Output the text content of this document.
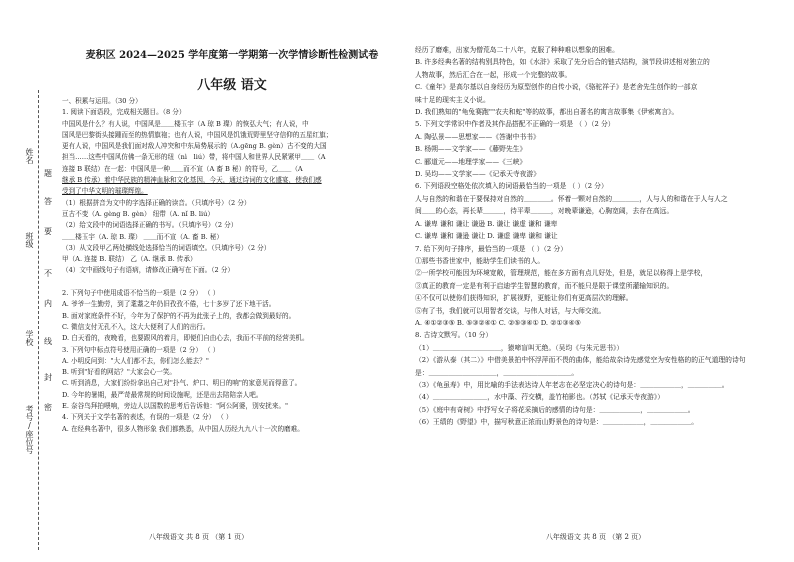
姓名
班级
学校
考号/座位号
题
答
要
不
内
线
封
密
麦积区 2024—2025 学年度第一学期第一次学情诊断性检测试卷
八年级 语文
一、积累与运用。（30 分）
1. 阅读下面语段，完成相关题目。（8 分）
中国风是什么？有人说，中国风是＿＿楼玉宇（A 琼 B 璨）的恢弘大气；有人说，中
国风是巴黎街头接踵而至的热情旗袍；也有人说，中国风是饥饿荒野里坚守信仰的五星红旗；
更有人说，中国风是我们面对敌人冲突和中东局势展示的（A.gēng B. gèn）古不变的大国
担当……这些中国风仿佛一条无形的纽（nì　liú）带，将中国人和世界人民紧紧甲＿＿（A
连接 B 联结）在一起：中国风是一种＿＿而不宣（A 畜 B 秘）的符号，乙＿＿（A
继承 B 传承）着中华民族的精神血脉和文化基因，今天，通过诗词的文化盛宴，使我们感
受到了中华文明的璀璨辉煌。
（1）根据拼音为文中的字选择正确的读音。（只填序号）（2 分）
亘古不变（A. gèng B. gèn） 纽带（A. nǐ B. liú）
（2）给文段中的词语选择正确的书写。（只填序号）（2 分）
＿＿楼玉宇（A. 琼 B. 璨） ＿＿而不宣（A. 畜 B. 秘）
（3）从文段甲乙两处横线处选择恰当的词语填空。（只填序号）（2 分）
甲（A. 连接 B. 联结） 乙（A. 继承 B. 传承）
（4）文中画线句子有语病，请修改正确写在下面。（2 分）

2. 下列句子中使用成语不恰当的一项是（2 分） （ ）
A. 爷爷一生勤劳，到了耄耋之年仍旧孜孜不倦，七十多岁了还下地干活。
B. 面对家庭条件不好，今年为了保护的不再为此张子上的，我都会做到最好的。
C. 微信支付无孔不入，这大大便利了人们的出行。
D. 白天看的，夜晚看，也要跟风的着月，即便们自由心去，我而不平前的经营美机。
3. 下列句中标点符号使用正确的一项是（2 分） （ ）
A. 小明反问到："大人们都不去，你们怎么能去？"
B. 听到"好看的网站？"大家会心一笑。
C. 听到消息，大家们纷纷拿出自己对"扑气、炉口、明日的响"的家意见而得意了。
D. 今年的暑期，最严苛最常规的时间设施呢，还是出去陪陪亲人吧。
E. 奈谷鸟拜拍喂响，旁边人以国数的思考后告诉他："阿公阿婆，别安扰来。"
4. 下列关于文学名著的表述，有误的一项是（2 分） （ ）
A. 在经典名著中，很多人物形象 我们都熟悉，从中国人历经九九八十一次的磨难。
八年级语文 共 8 页 （第 1 页）
经历了磨难，出家为僧荒岛二十八年，克服了种种难以想象的困难。
B. 许多经典名著的结构别具特色，如《水浒》采取了先分后合的链式结构，演节段讲述相对独立的
人物故事，然后汇合在一起，形成一个完整的故事。
C.《童年》是高尔基以自身经历为原型创作的自传小说，《骆驼祥子》是老舍先生创作的一部京
味十足的现实主义小说。
D. 我们熟知的"龟兔赛跑""农夫和蛇"等的故事，都出自著名的寓言故事集《伊索寓言》。
5. 下列文学常识中作者及其作品搭配不正确的一项是 （ ）（2 分）
A. 陶弘景——思想家——《答谢中书书》
B. 杨朔——文学家——《藤野先生》
C. 郦道元——地理学家——《三峡》
D. 吴均——文学家——《记承天寺夜游》
6. 下列语段空格处依次填入的词语最恰当的一项是 （ ）（2 分）
人与自然的和谐在于要保持对自然的＿＿＿＿。怀着一颗对自然的＿＿＿＿，人与人的和谐在于人与人之
间＿＿的心态，再长辈＿＿＿，待平辈＿＿＿，对晚辈谦逊，心胸宽阔，去存在高远。
A. 谦卑 谦和 谦让 谦逊 B. 谦让 谦虚 谦和 谦卑
C. 谦卑 谦和 谦逊 谦让 D. 谦虚 谦卑 谦和 谦让
7. 给下列句子排序，最恰当的一项是 （ ）（2 分）
①那些书香世家中，能助学生们读书的人。
②一所学校可能因为环境宽敞，管理规范，能在多方面有点儿好处，但是，就足以称得上是学校，
③真正的教育一定是有利于启迪学生智慧的教育，而不能只是限于课堂所灌输知识的。
④不仅可以使你们获得知识，扩展视野，更能让你们有更高层次的理解。
⑤有了书，我们就可以用智者交谈，与伟人对话，与大师交流。
A. ④①②③⑤ B. ⑤③②④① C. ②⑤③④① D. ②①③④⑤
8. 古诗文默写。（10 分）
（1）＿＿＿＿＿＿＿＿＿＿，猿啼盲叫无绝。（吴均《与朱元思书》）
（2）《游从泰（其二）》中借美景拍中怀浮萍而不畏的曲体，能给故杂诗先感觉空为安性格的的正气道理的诗句
是：＿＿＿＿＿＿＿＿＿＿，＿＿＿＿＿＿＿＿＿＿。
（3）《龟虽寿》中，用比喻的手法表达诗人年老志在必坚定决心的诗句是：＿＿＿＿＿＿，＿＿＿＿＿。
（4）＿＿＿＿＿＿＿＿，水中藻、荇交横，盖竹柏影也。（苏轼《记承天寺夜游》）
（5）《庭中有奇树》中抒写女子将花采摘后的感情的诗句是：＿＿＿＿＿＿，＿＿＿＿＿＿。
（6）王绩的《野望》中，描写秋意正浓而山野景色的诗句是：＿＿＿＿＿＿，＿＿＿＿＿＿。
八年级语文 共 8 页 （第 2 页）
